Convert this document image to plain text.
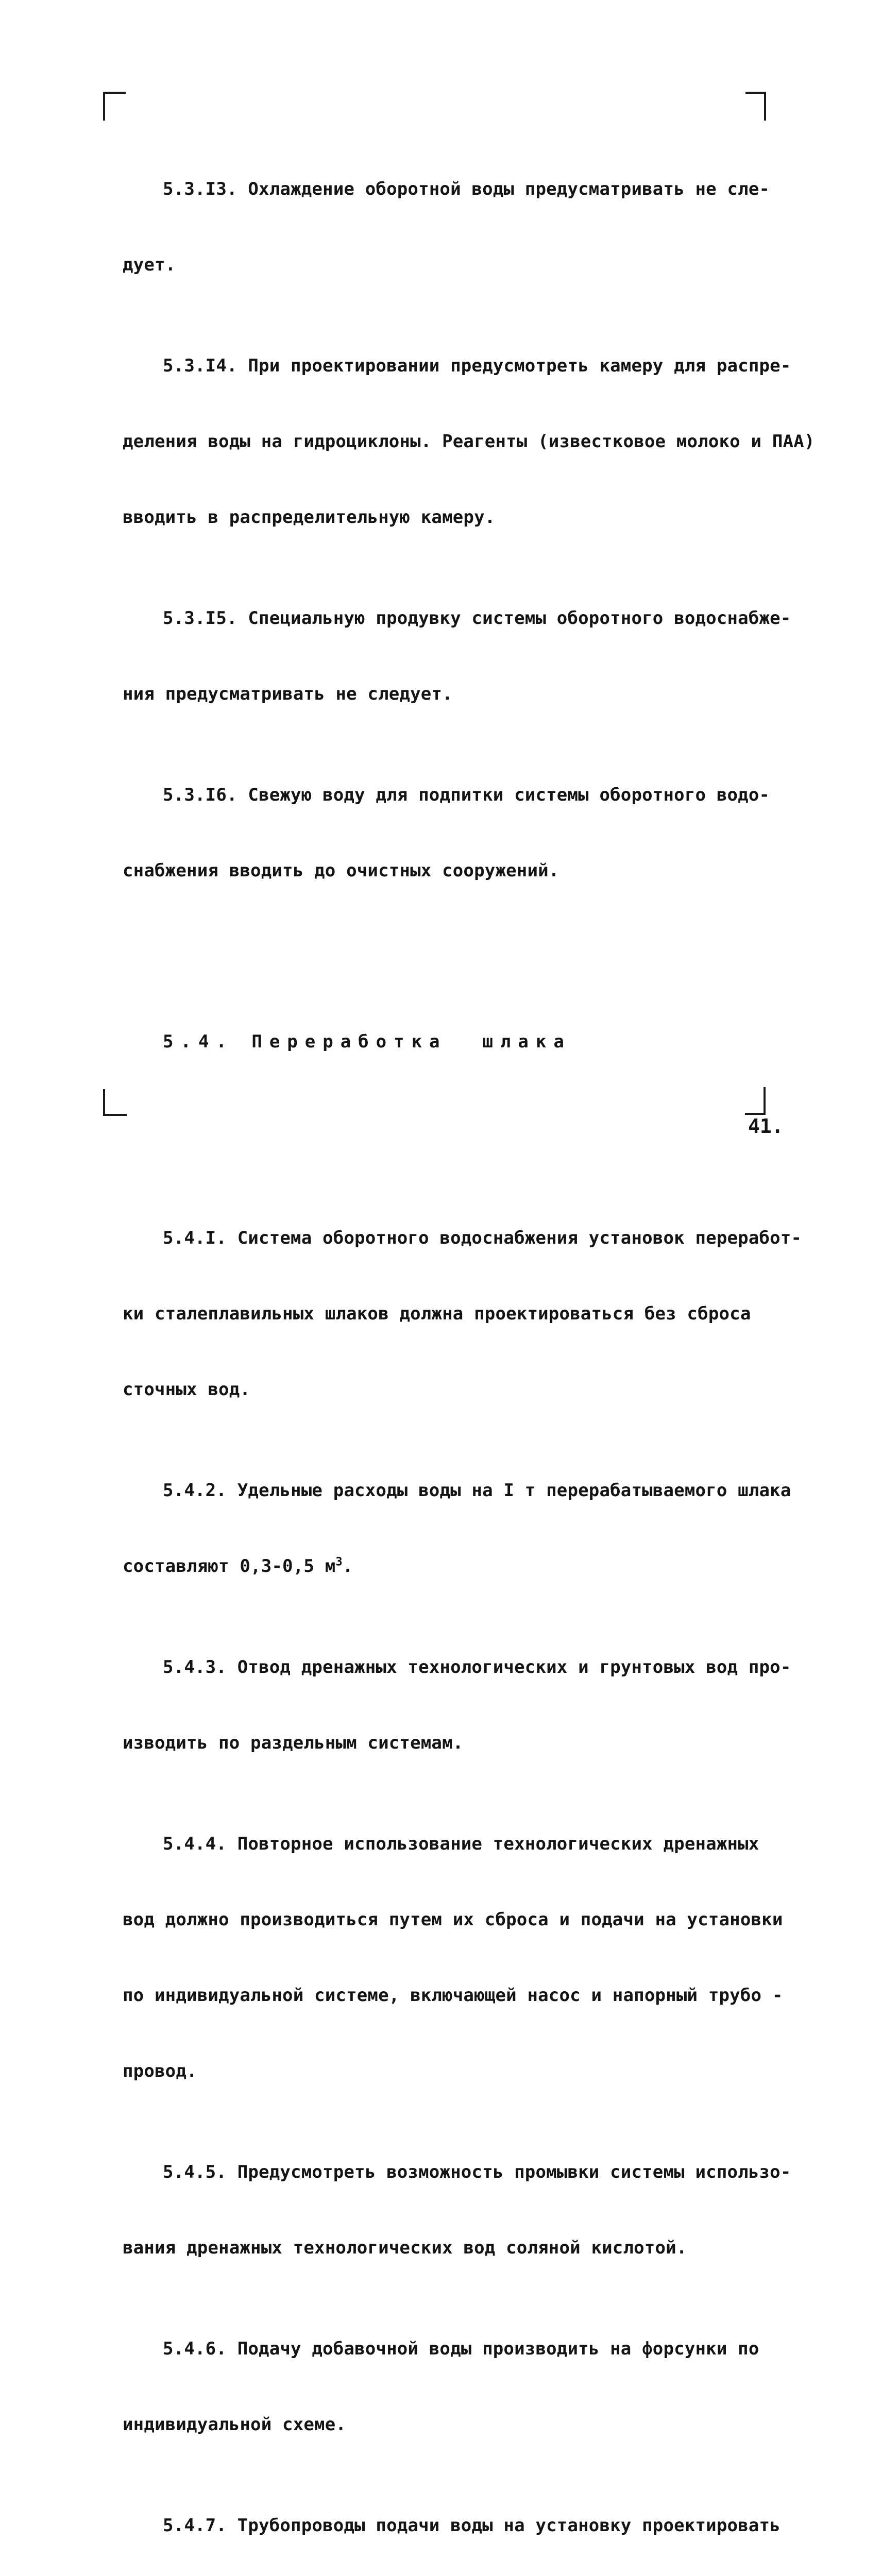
5.3.I3. Охлаждение оборотной воды предусматривать не сле-

дует.

5.3.I4. При проектировании предусмотреть камеру для распре-

деления воды на гидроциклоны. Реагенты (известковое молоко и ПАА)

вводить в распределительную камеру.

5.3.I5. Специальную продувку системы оборотного водоснабже-

ния предусматривать не следует.

5.3.I6. Свежую воду для подпитки системы оборотного водо-

снабжения вводить до очистных сооружений.

5.4. Переработка  шлака

5.4.I. Система оборотного водоснабжения установок переработ-

ки сталеплавильных шлаков должна проектироваться без сброса

сточных вод.

5.4.2. Удельные расходы воды на I т перерабатываемого шлака

составляют 0,3-0,5 $м^3$.

5.4.3. Отвод дренажных технологических и грунтовых вод про-

изводить по раздельным системам.

5.4.4. Повторное использование технологических дренажных

вод должно производиться путем их сброса и подачи на установки

по индивидуальной системе, включающей насос и напорный трубо -

провод.

5.4.5. Предусмотреть возможность промывки системы использо-

вания дренажных технологических вод соляной кислотой.

5.4.6. Подачу добавочной воды производить на форсунки по

индивидуальной схеме.

5.4.7. Трубопроводы подачи воды на установку проектировать

41.
